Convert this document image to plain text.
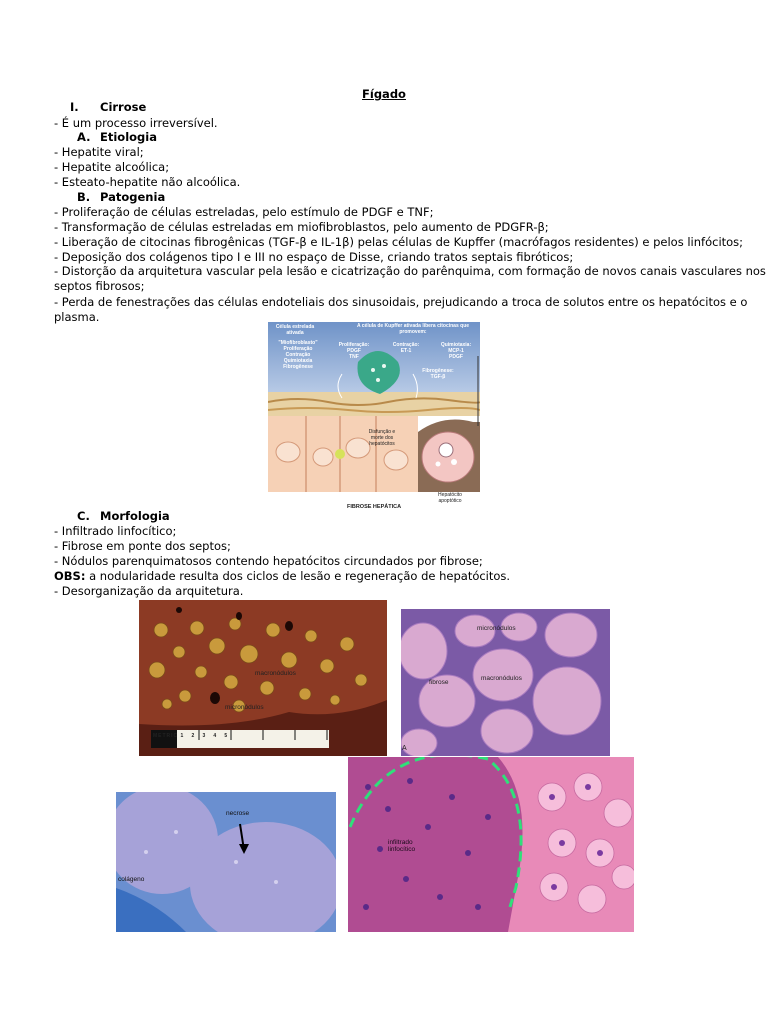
Fígado
I. Cirrose
- É um processo irreversível.
A. Etiologia
- Hepatite viral;
- Hepatite alcoólica;
- Esteato-hepatite não alcoólica.
B. Patogenia
- Proliferação de células estreladas, pelo estímulo de PDGF e TNF;
- Transformação de células estreladas em miofibroblastos, pelo aumento de PDGFR-β;
- Liberação de citocinas fibrogênicas (TGF-β e IL-1β) pelas células de Kupffer (macrófagos residentes) e pelos linfócitos;
- Deposição dos colágenos tipo I e III no espaço de Disse, criando tratos septais fibróticos;
- Distorção da arquitetura vascular pela lesão e cicatrização do parênquima, com formação de novos canais vasculares nos
septos fibrosos;
- Perda de fenestrações das células endoteliais dos sinusoidais, prejudicando a troca de solutos entre os hepatócitos e o
plasma.
Célula estrelada ativada
A célula de Kupffer ativada libera citocinas que promovem:
"Miofibroblasto"
Proliferação
Contração
Quimiotaxia
Fibrogênese
Proliferação:
PDGF
TNF
Contração:
ET-1
Quimiotaxia:
MCP-1
PDGF
Fibrogênese:
TGF-β
Disfunção e
morte dos
hepatócitos
Hepatócito
apoptótico
FIBROSE HEPÁTICA
C. Morfologia
- Infiltrado linfocítico;
- Fibrose em ponte dos septos;
- Nódulos parenquimatosos contendo hepatócitos circundados por fibrose;
OBS: a nodularidade resulta dos ciclos de lesão e regeneração de hepatócitos.
- Desorganização da arquitetura.
macronódulos
micronódulos
METRIC 1   2   3   4   5
micronódulos
fibrose
macronódulos
A
necrose
colágeno
infiltrado
linfocítico
